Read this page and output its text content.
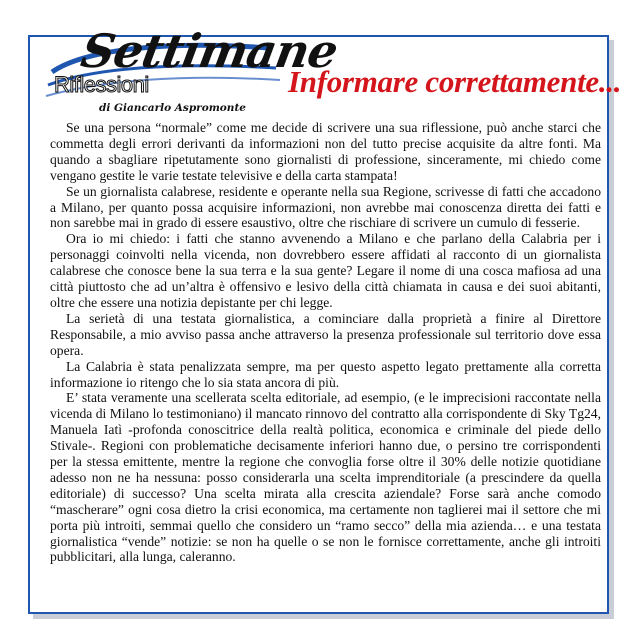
Settimane
Riflessioni
di Giancarlo Aspromonte
Informare correttamente...

Se una persona “normale” come me decide di scrivere una sua riflessione, può anche starci che commetta degli errori derivanti da informazioni non del tutto precise acquisite da altre fonti. Ma quando a sbagliare ripetutamente sono giornalisti di professione, sinceramente, mi chiedo come vengano gestite le varie testate televisive e della carta stampata!

Se un giornalista calabrese, residente e operante nella sua Regione, scrivesse di fatti che accadono a Milano, per quanto possa acquisire informazioni, non avrebbe mai conoscenza diretta dei fatti e non sarebbe mai in grado di essere esaustivo, oltre che rischiare di scrivere un cumulo di fesserie.

Ora io mi chiedo: i fatti che stanno avvenendo a Milano e che parlano della Calabria per i personaggi coinvolti nella vicenda, non dovrebbero essere affidati al racconto di un giornalista calabrese che conosce bene la sua terra e la sua gente? Legare il nome di una cosca mafiosa ad una città piuttosto che ad un’altra è offensivo e lesivo della città chiamata in causa e dei suoi abitanti, oltre che essere una notizia depistante per chi legge.

La serietà di una testata giornalistica, a cominciare dalla proprietà a finire al Direttore Responsabile, a mio avviso passa anche attraverso la presenza professionale sul territorio dove essa opera.

La Calabria è stata penalizzata sempre, ma per questo aspetto legato prettamente alla corretta informazione io ritengo che lo sia stata ancora di più.

E’ stata veramente una scellerata scelta editoriale, ad esempio, (e le imprecisioni raccontate nella vicenda di Milano lo testimoniano) il mancato rinnovo del contratto alla corrispondente di Sky Tg24, Manuela Iatì -profonda conoscitrice della realtà politica, economica e criminale del piede dello Stivale-. Regioni con problematiche decisamente inferiori hanno due, o persino tre corrispondenti per la stessa emittente, mentre la regione che convoglia forse oltre il 30% delle notizie quotidiane adesso non ne ha nessuna: posso considerarla una scelta imprenditoriale (a prescindere da quella editoriale) di successo? Una scelta mirata alla crescita aziendale? Forse sarà anche comodo “mascherare” ogni cosa dietro la crisi economica, ma certamente non taglierei mai il settore che mi porta più introiti, semmai quello che considero un “ramo secco” della mia azienda… e una testata giornalistica “vende” notizie: se non ha quelle o se non le fornisce correttamente, anche gli introiti pubblicitari, alla lunga, caleranno.
